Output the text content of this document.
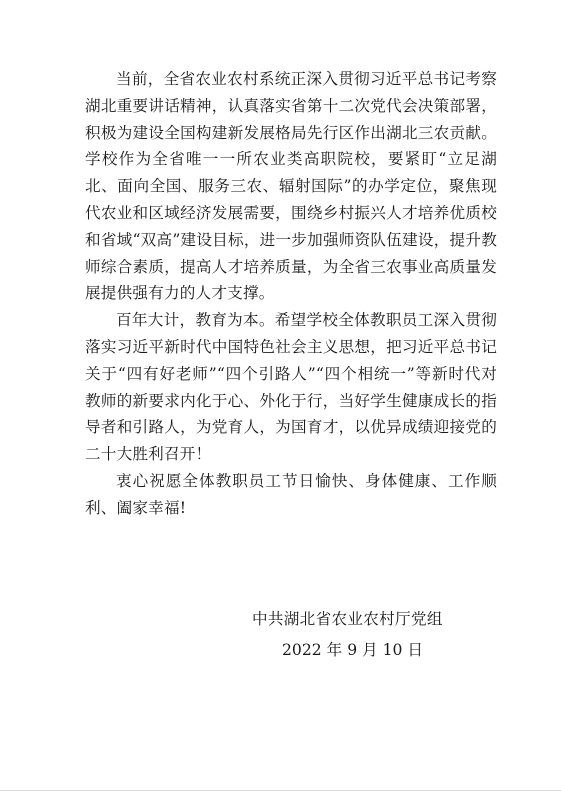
当前，全省农业农村系统正深入贯彻习近平总书记考察湖北重要讲话精神，认真落实省第十二次党代会决策部署，积极为建设全国构建新发展格局先行区作出湖北三农贡献。学校作为全省唯一一所农业类高职院校，要紧盯“立足湖北、面向全国、服务三农、辐射国际”的办学定位，聚焦现代农业和区域经济发展需要，围绕乡村振兴人才培养优质校和省域“双高”建设目标，进一步加强师资队伍建设，提升教师综合素质，提高人才培养质量，为全省三农事业高质量发展提供强有力的人才支撑。

百年大计，教育为本。希望学校全体教职员工深入贯彻落实习近平新时代中国特色社会主义思想，把习近平总书记关于“四有好老师”“四个引路人”“四个相统一”等新时代对教师的新要求内化于心、外化于行，当好学生健康成长的指导者和引路人，为党育人，为国育才，以优异成绩迎接党的二十大胜利召开！

衷心祝愿全体教职员工节日愉快、身体健康、工作顺利、阖家幸福!

中共湖北省农业农村厅党组

2022 年 9 月 10 日
